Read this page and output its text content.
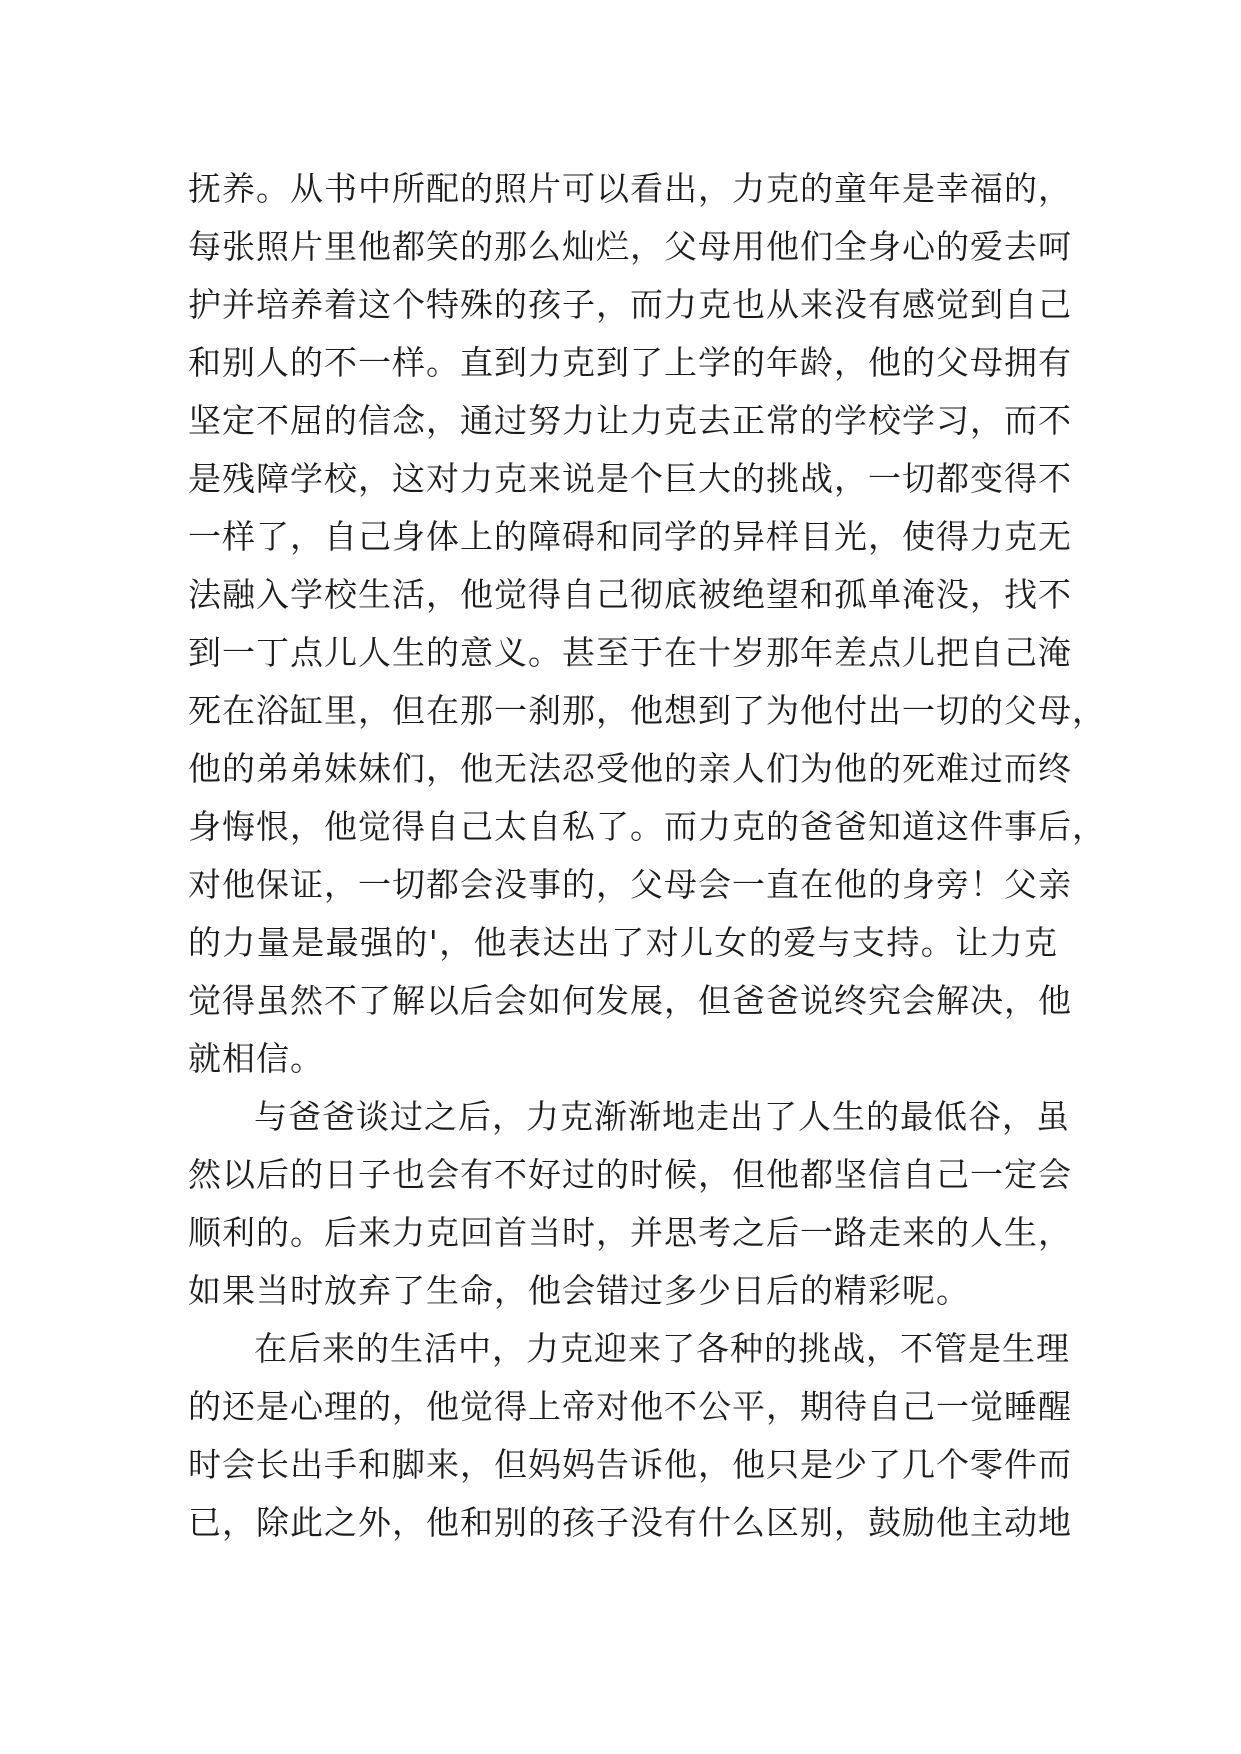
抚养。从书中所配的照片可以看出，力克的童年是幸福的，
每张照片里他都笑的那么灿烂，父母用他们全身心的爱去呵
护并培养着这个特殊的孩子，而力克也从来没有感觉到自己
和别人的不一样。直到力克到了上学的年龄，他的父母拥有
坚定不屈的信念，通过努力让力克去正常的学校学习，而不
是残障学校，这对力克来说是个巨大的挑战，一切都变得不
一样了，自己身体上的障碍和同学的异样目光，使得力克无
法融入学校生活，他觉得自己彻底被绝望和孤单淹没，找不
到一丁点儿人生的意义。甚至于在十岁那年差点儿把自己淹
死在浴缸里，但在那一刹那，他想到了为他付出一切的父母，
他的弟弟妹妹们，他无法忍受他的亲人们为他的死难过而终
身悔恨，他觉得自己太自私了。而力克的爸爸知道这件事后，
对他保证，一切都会没事的，父母会一直在他的身旁！父亲
的力量是最强的'，他表达出了对儿女的爱与支持。让力克
觉得虽然不了解以后会如何发展，但爸爸说终究会解决，他
就相信。
与爸爸谈过之后，力克渐渐地走出了人生的最低谷，虽
然以后的日子也会有不好过的时候，但他都坚信自己一定会
顺利的。后来力克回首当时，并思考之后一路走来的人生，
如果当时放弃了生命，他会错过多少日后的精彩呢。
在后来的生活中，力克迎来了各种的挑战，不管是生理
的还是心理的，他觉得上帝对他不公平，期待自己一觉睡醒
时会长出手和脚来，但妈妈告诉他，他只是少了几个零件而
已，除此之外，他和别的孩子没有什么区别，鼓励他主动地
